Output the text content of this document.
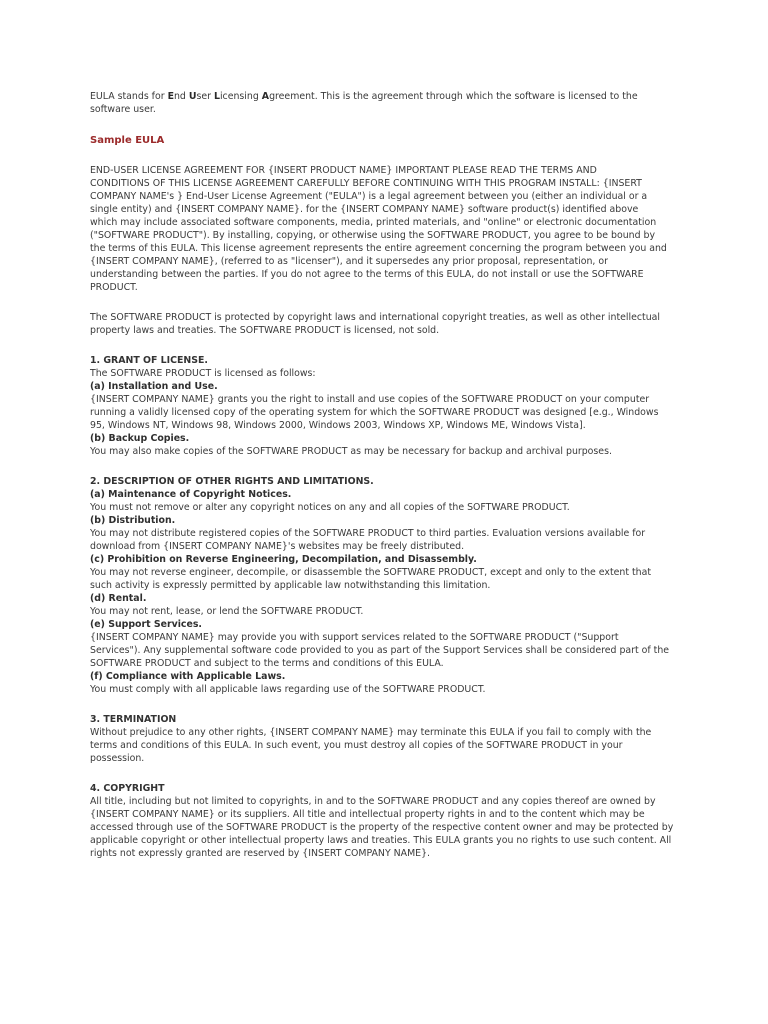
EULA stands for End User Licensing Agreement. This is the agreement through which the software is licensed to the
software user.

Sample EULA

END-USER LICENSE AGREEMENT FOR {INSERT PRODUCT NAME} IMPORTANT PLEASE READ THE TERMS AND
CONDITIONS OF THIS LICENSE AGREEMENT CAREFULLY BEFORE CONTINUING WITH THIS PROGRAM INSTALL: {INSERT
COMPANY NAME's } End-User License Agreement ("EULA") is a legal agreement between you (either an individual or a
single entity) and {INSERT COMPANY NAME}. for the {INSERT COMPANY NAME} software product(s) identified above
which may include associated software components, media, printed materials, and "online" or electronic documentation
("SOFTWARE PRODUCT"). By installing, copying, or otherwise using the SOFTWARE PRODUCT, you agree to be bound by
the terms of this EULA. This license agreement represents the entire agreement concerning the program between you and
{INSERT COMPANY NAME}, (referred to as "licenser"), and it supersedes any prior proposal, representation, or
understanding between the parties. If you do not agree to the terms of this EULA, do not install or use the SOFTWARE
PRODUCT.

The SOFTWARE PRODUCT is protected by copyright laws and international copyright treaties, as well as other intellectual
property laws and treaties. The SOFTWARE PRODUCT is licensed, not sold.

1. GRANT OF LICENSE.

The SOFTWARE PRODUCT is licensed as follows:

(a) Installation and Use.

{INSERT COMPANY NAME} grants you the right to install and use copies of the SOFTWARE PRODUCT on your computer
running a validly licensed copy of the operating system for which the SOFTWARE PRODUCT was designed [e.g., Windows
95, Windows NT, Windows 98, Windows 2000, Windows 2003, Windows XP, Windows ME, Windows Vista].

(b) Backup Copies.

You may also make copies of the SOFTWARE PRODUCT as may be necessary for backup and archival purposes.

2. DESCRIPTION OF OTHER RIGHTS AND LIMITATIONS.

(a) Maintenance of Copyright Notices.

You must not remove or alter any copyright notices on any and all copies of the SOFTWARE PRODUCT.

(b) Distribution.

You may not distribute registered copies of the SOFTWARE PRODUCT to third parties. Evaluation versions available for
download from {INSERT COMPANY NAME}'s websites may be freely distributed.

(c) Prohibition on Reverse Engineering, Decompilation, and Disassembly.

You may not reverse engineer, decompile, or disassemble the SOFTWARE PRODUCT, except and only to the extent that
such activity is expressly permitted by applicable law notwithstanding this limitation.

(d) Rental.

You may not rent, lease, or lend the SOFTWARE PRODUCT.

(e) Support Services.

{INSERT COMPANY NAME} may provide you with support services related to the SOFTWARE PRODUCT ("Support
Services"). Any supplemental software code provided to you as part of the Support Services shall be considered part of the
SOFTWARE PRODUCT and subject to the terms and conditions of this EULA.

(f) Compliance with Applicable Laws.

You must comply with all applicable laws regarding use of the SOFTWARE PRODUCT.

3. TERMINATION

Without prejudice to any other rights, {INSERT COMPANY NAME} may terminate this EULA if you fail to comply with the
terms and conditions of this EULA. In such event, you must destroy all copies of the SOFTWARE PRODUCT in your
possession.

4. COPYRIGHT

All title, including but not limited to copyrights, in and to the SOFTWARE PRODUCT and any copies thereof are owned by
{INSERT COMPANY NAME} or its suppliers. All title and intellectual property rights in and to the content which may be
accessed through use of the SOFTWARE PRODUCT is the property of the respective content owner and may be protected by
applicable copyright or other intellectual property laws and treaties. This EULA grants you no rights to use such content. All
rights not expressly granted are reserved by {INSERT COMPANY NAME}.
